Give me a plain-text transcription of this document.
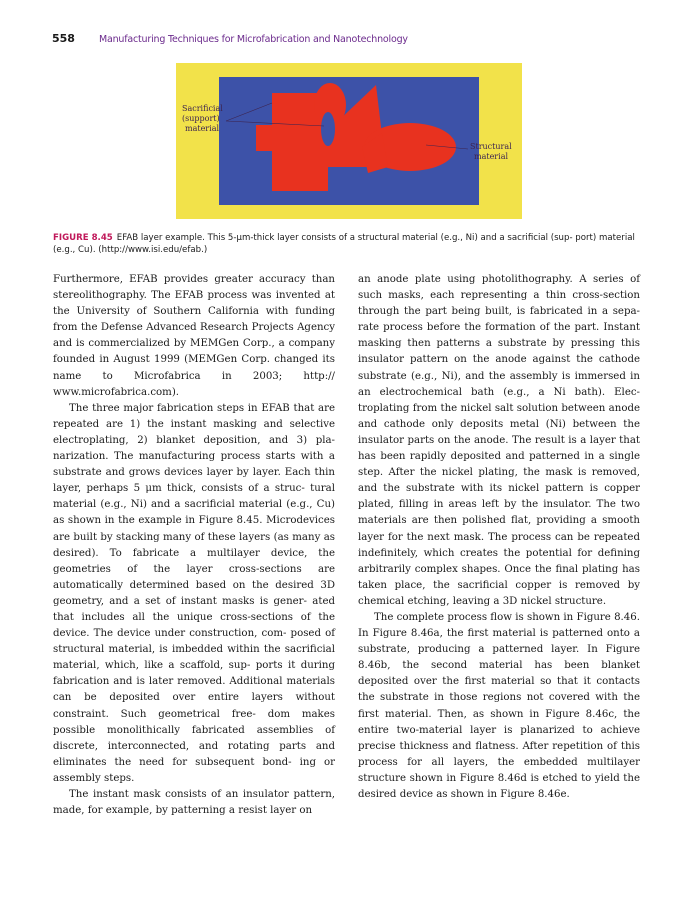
558	Manufacturing Techniques for Microfabrication and Nanotechnology
Sacrificial
(support)
material
Structural
material
FIGURE 8.45 EFAB layer example. This 5-μm-thick layer consists of a structural material (e.g., Ni) and a sacrificial (sup- port) material (e.g., Cu). (http://www.isi.edu/efab.)

Furthermore, EFAB provides greater accuracy than stereolithography. The EFAB process was invented at the University of Southern California with funding from the Defense Advanced Research Projects Agency and is commercialized by MEMGen Corp., a company founded in August 1999 (MEMGen Corp. changed its name to Microfabrica in 2003; http:// www.microfabrica.com).

The three major fabrication steps in EFAB that are repeated are 1) the instant masking and selective electroplating, 2) blanket deposition, and 3) pla- narization. The manufacturing process starts with a substrate and grows devices layer by layer. Each thin layer, perhaps 5 μm thick, consists of a struc- tural material (e.g., Ni) and a sacrificial material (e.g., Cu) as shown in the example in Figure 8.45. Microdevices are built by stacking many of these layers (as many as desired). To fabricate a multilayer device, the geometries of the layer cross-sections are automatically determined based on the desired 3D geometry, and a set of instant masks is gener- ated that includes all the unique cross-sections of the device. The device under construction, com- posed of structural material, is imbedded within the sacrificial material, which, like a scaffold, sup- ports it during fabrication and is later removed. Additional materials can be deposited over entire layers without constraint. Such geometrical free- dom makes possible monolithically fabricated assemblies of discrete, interconnected, and rotating parts and eliminates the need for subsequent bond- ing or assembly steps.

The instant mask consists of an insulator pattern, made, for example, by patterning a resist layer on

an anode plate using photolithography. A series of such masks, each representing a thin cross-section through the part being built, is fabricated in a sepa- rate process before the formation of the part. Instant masking then patterns a substrate by pressing this insulator pattern on the anode against the cathode substrate (e.g., Ni), and the assembly is immersed in an electrochemical bath (e.g., a Ni bath). Elec- troplating from the nickel salt solution between anode and cathode only deposits metal (Ni) between the insulator parts on the anode. The result is a layer that has been rapidly deposited and patterned in a single step. After the nickel plating, the mask is removed, and the substrate with its nickel pattern is copper plated, filling in areas left by the insulator. The two materials are then polished flat, providing a smooth layer for the next mask. The process can be repeated indefinitely, which creates the potential for defining arbitrarily complex shapes. Once the final plating has taken place, the sacrificial copper is removed by chemical etching, leaving a 3D nickel structure.

The complete process flow is shown in Figure 8.46. In Figure 8.46a, the first material is patterned onto a substrate, producing a patterned layer. In Figure 8.46b, the second material has been blanket deposited over the first material so that it contacts the substrate in those regions not covered with the first material. Then, as shown in Figure 8.46c, the entire two-material layer is planarized to achieve precise thickness and flatness. After repetition of this process for all layers, the embedded multilayer structure shown in Figure 8.46d is etched to yield the desired device as shown in Figure 8.46e.
